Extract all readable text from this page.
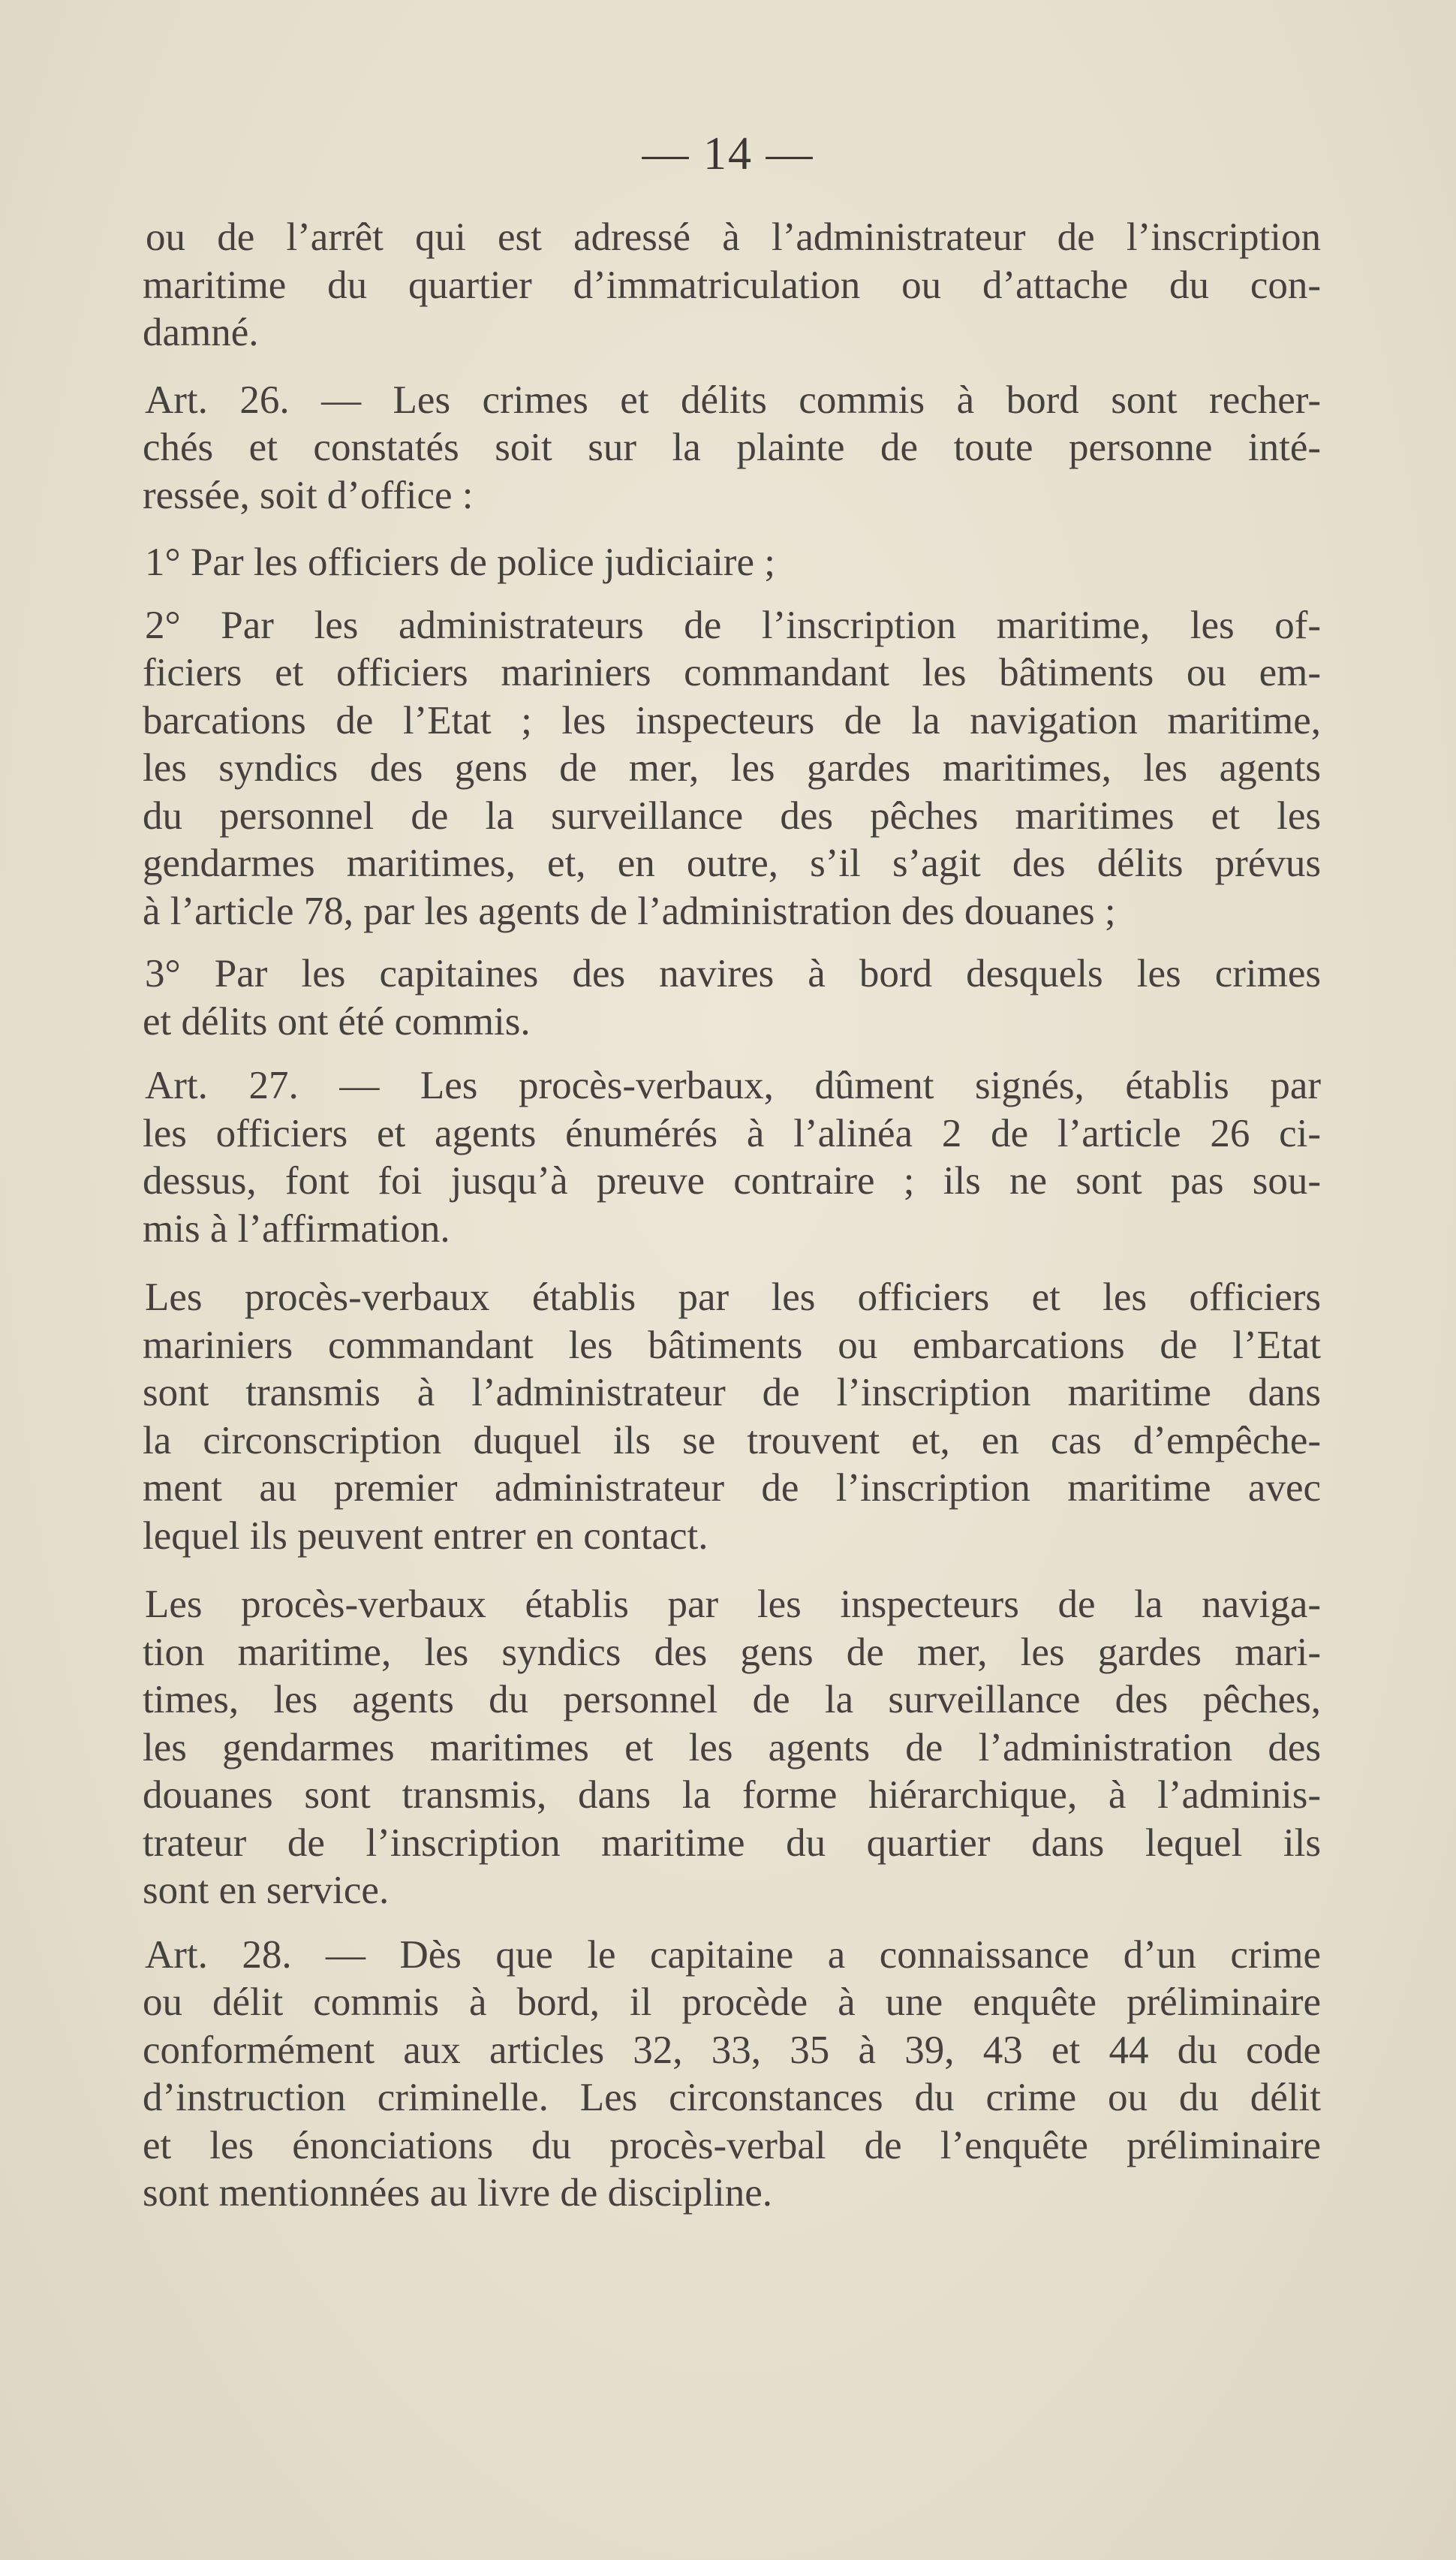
— 14 —
ou de l’arrêt qui est adressé à l’administrateur de l’inscription
maritime du quartier d’immatriculation ou d’attache du con-
damné.
Art. 26. — Les crimes et délits commis à bord sont recher-
chés et constatés soit sur la plainte de toute personne inté-
ressée, soit d’office :
1° Par les officiers de police judiciaire ;
2° Par les administrateurs de l’inscription maritime, les of-
ficiers et officiers mariniers commandant les bâtiments ou em-
barcations de l’Etat ; les inspecteurs de la navigation maritime,
les syndics des gens de mer, les gardes maritimes, les agents
du personnel de la surveillance des pêches maritimes et les
gendarmes maritimes, et, en outre, s’il s’agit des délits prévus
à l’article 78, par les agents de l’administration des douanes ;
3° Par les capitaines des navires à bord desquels les crimes
et délits ont été commis.
Art. 27. — Les procès-verbaux, dûment signés, établis par
les officiers et agents énumérés à l’alinéa 2 de l’article 26 ci-
dessus, font foi jusqu’à preuve contraire ; ils ne sont pas sou-
mis à l’affirmation.
Les procès-verbaux établis par les officiers et les officiers
mariniers commandant les bâtiments ou embarcations de l’Etat
sont transmis à l’administrateur de l’inscription maritime dans
la circonscription duquel ils se trouvent et, en cas d’empêche-
ment au premier administrateur de l’inscription maritime avec
lequel ils peuvent entrer en contact.
Les procès-verbaux établis par les inspecteurs de la naviga-
tion maritime, les syndics des gens de mer, les gardes mari-
times, les agents du personnel de la surveillance des pêches,
les gendarmes maritimes et les agents de l’administration des
douanes sont transmis, dans la forme hiérarchique, à l’adminis-
trateur de l’inscription maritime du quartier dans lequel ils
sont en service.
Art. 28. — Dès que le capitaine a connaissance d’un crime
ou délit commis à bord, il procède à une enquête préliminaire
conformément aux articles 32, 33, 35 à 39, 43 et 44 du code
d’instruction criminelle. Les circonstances du crime ou du délit
et les énonciations du procès-verbal de l’enquête préliminaire
sont mentionnées au livre de discipline.
